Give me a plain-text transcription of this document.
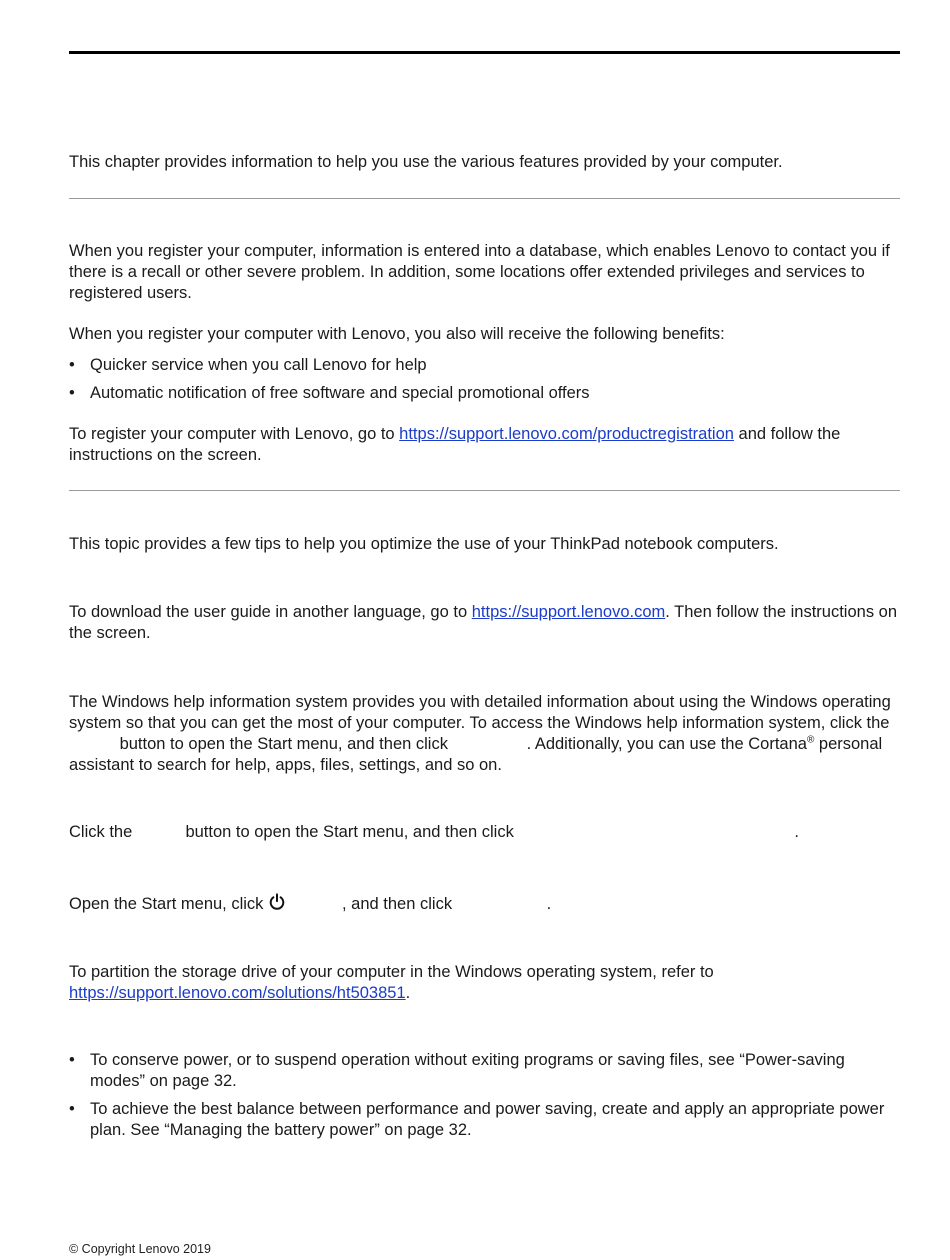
This chapter provides information to help you use the various features provided by your computer.

When you register your computer, information is entered into a database, which enables Lenovo to contact you if there is a recall or other severe problem. In addition, some locations offer extended privileges and services to registered users.

When you register your computer with Lenovo, you also will receive the following benefits:

• Quicker service when you call Lenovo for help
• Automatic notification of free software and special promotional offers

To register your computer with Lenovo, go to https://support.lenovo.com/productregistration and follow the instructions on the screen.

This topic provides a few tips to help you optimize the use of your ThinkPad notebook computers.

To download the user guide in another language, go to https://support.lenovo.com. Then follow the instructions on the screen.

The Windows help information system provides you with detailed information about using the Windows operating system so that you can get the most of your computer. To access the Windows help information system, click the  button to open the Start menu, and then click	. Additionally, you can use the Cortana® personal assistant to search for help, apps, files, settings, and so on.

Click the	button to open the Start menu, and then click	.

Open the Start menu, click	, and then click	.

To partition the storage drive of your computer in the Windows operating system, refer to https://support.lenovo.com/solutions/ht503851.

• To conserve power, or to suspend operation without exiting programs or saving files, see “Power-saving modes” on page 32.
• To achieve the best balance between performance and power saving, create and apply an appropriate power plan. See “Managing the battery power” on page 32.
© Copyright Lenovo 2019
